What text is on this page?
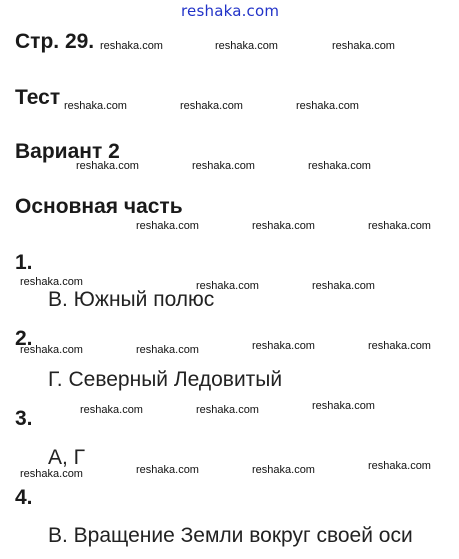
reshaka.com
Стр. 29.
Тест
Вариант 2
Основная часть
1.
В. Южный полюс
2.
Г. Северный Ледовитый
3.
А, Г
4.
В. Вращение Земли вокруг своей оси
reshaka.com	reshaka.com	reshaka.com
reshaka.com	reshaka.com	reshaka.com
reshaka.com	reshaka.com	reshaka.com
reshaka.com	reshaka.com	reshaka.com
reshaka.com	reshaka.com	reshaka.com
reshaka.com	reshaka.com	reshaka.com	reshaka.com
reshaka.com	reshaka.com	reshaka.com
reshaka.com	reshaka.com	reshaka.com	reshaka.com
